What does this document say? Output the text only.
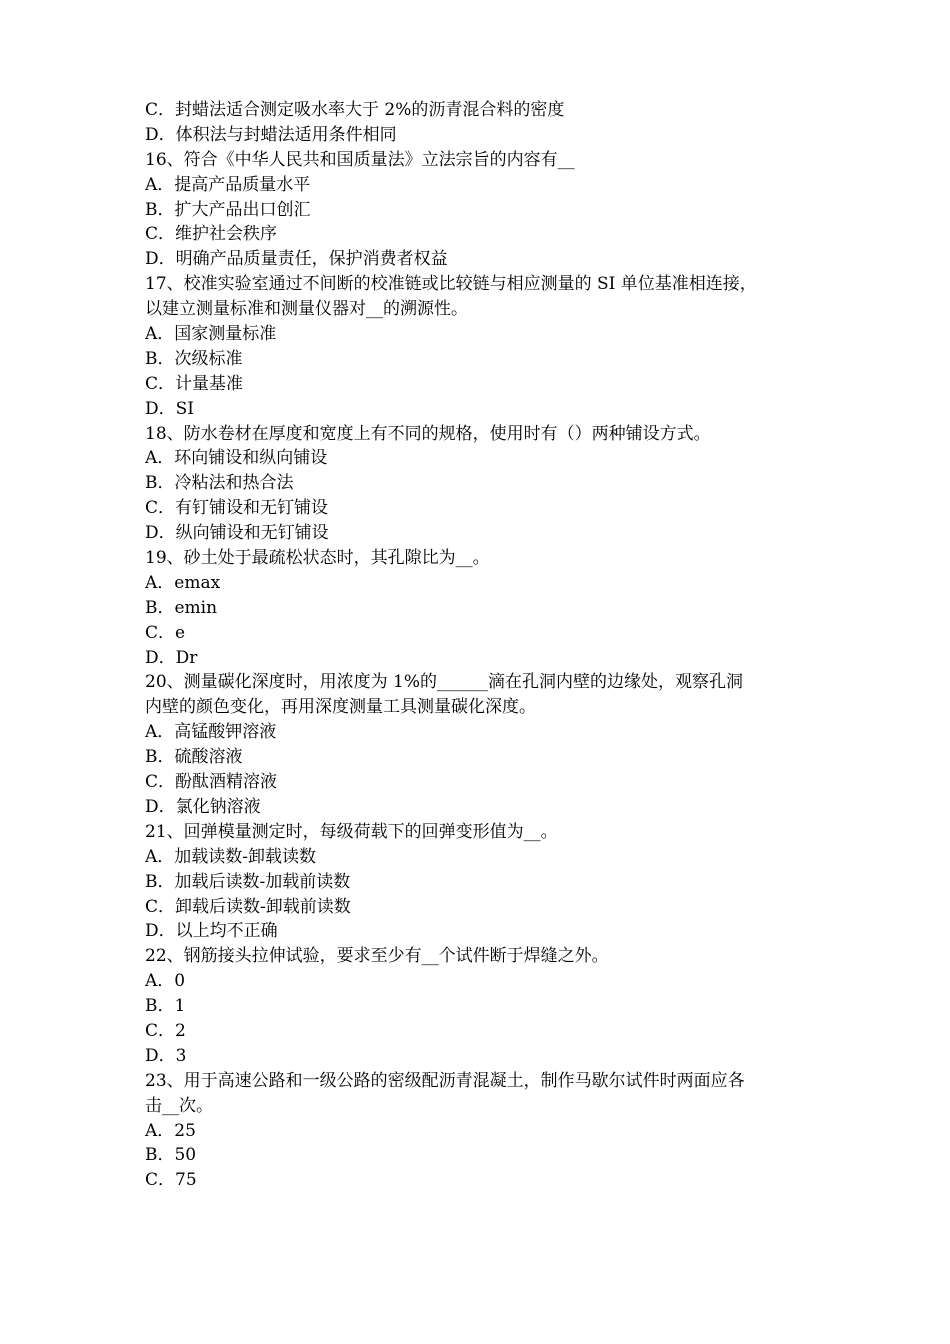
C．封蜡法适合测定吸水率大于 2%的沥青混合料的密度
D．体积法与封蜡法适用条件相同
16、符合《中华人民共和国质量法》立法宗旨的内容有__
A．提高产品质量水平
B．扩大产品出口创汇
C．维护社会秩序
D．明确产品质量责任，保护消费者权益
17、校准实验室通过不间断的校准链或比较链与相应测量的 SI 单位基准相连接，
以建立测量标准和测量仪器对__的溯源性。
A．国家测量标准
B．次级标准
C．计量基准
D．SI
18、防水卷材在厚度和宽度上有不同的规格，使用时有（）两种铺设方式。
A．环向铺设和纵向铺设
B．冷粘法和热合法
C．有钉铺设和无钉铺设
D．纵向铺设和无钉铺设
19、砂土处于最疏松状态时，其孔隙比为__。
A．emax
B．emin
C．e
D．Dr
20、测量碳化深度时，用浓度为 1%的______滴在孔洞内壁的边缘处，观察孔洞
内壁的颜色变化，再用深度测量工具测量碳化深度。
A．高锰酸钾溶液
B．硫酸溶液
C．酚酞酒精溶液
D．氯化钠溶液
21、回弹模量测定时，每级荷载下的回弹变形值为__。
A．加载读数-卸载读数
B．加载后读数-加载前读数
C．卸载后读数-卸载前读数
D．以上均不正确
22、钢筋接头拉伸试验，要求至少有__个试件断于焊缝之外。
A．0
B．1
C．2
D．3
23、用于高速公路和一级公路的密级配沥青混凝土，制作马歇尔试件时两面应各
击__次。
A．25
B．50
C．75
